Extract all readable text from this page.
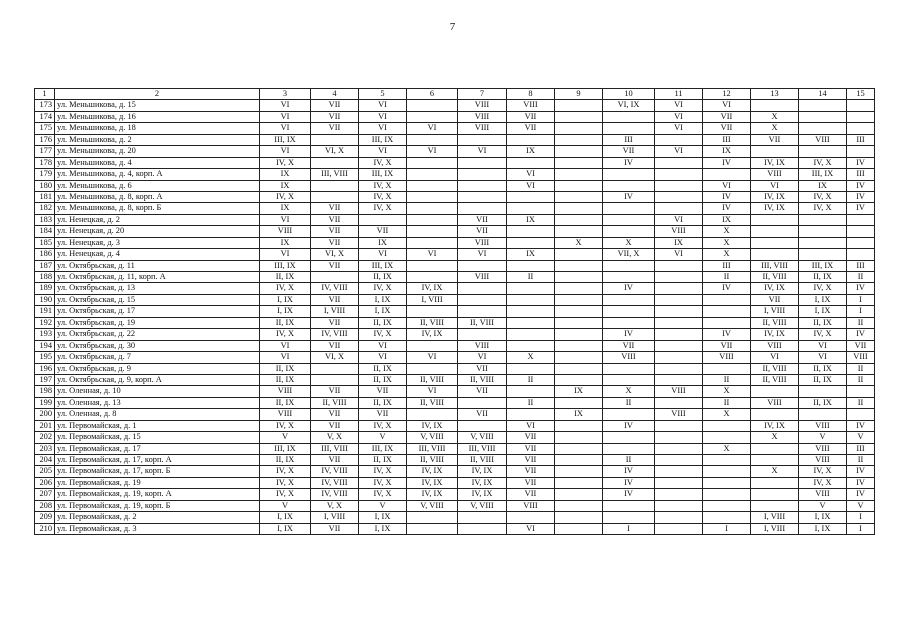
7
1	2	3	4	5	6	7	8	9	10	11	12	13	14	15
173	ул. Меньшикова, д. 15	VI	VII	VI		VIII	VIII		VI, IX	VI	VI			
174	ул. Меньшикова, д. 16	VI	VII	VI		VIII	VII			VI	VII	X		
175	ул. Меньшикова, д. 18	VI	VII	VI	VI	VIII	VII			VI	VII	X		
176	ул. Меньшикова, д. 2	III, IX		III, IX					III		III	VII	VIII	III
177	ул. Меньшикова, д. 20	VI	VI, X	VI	VI	VI	IX		VII	VI	IX			
178	ул. Меньшикова, д. 4	IV, X		IV, X					IV		IV	IV, IX	IV, X	IV
179	ул. Меньшикова, д. 4, корп. А	IX	III, VIII	III, IX			VI					VIII	III, IX	III
180	ул. Меньшикова, д. 6	IX		IV, X			VI				VI	VI	IX	IV
181	ул. Меньшикова, д. 8, корп. А	IV, X		IV, X					IV		IV	IV, IX	IV, X	IV
182	ул. Меньшикова, д. 8, корп. Б	IX	VII	IV, X							IV	IV, IX	IV, X	IV
183	ул. Ненецкая, д. 2	VI	VII			VII	IX			VI	IX			
184	ул. Ненецкая, д. 20	VIII	VII	VII		VII				VIII	X			
185	ул. Ненецкая, д. 3	IX	VII	IX		VIII		X	X	IX	X			
186	ул. Ненецкая, д. 4	VI	VI, X	VI	VI	VI	IX		VII, X	VI	X			
187	ул. Октябрьская, д. 11	III, IX	VII	III, IX							III	III, VIII	III, IX	III
188	ул. Октябрьская, д. 11, корп. А	II, IX		II, IX		VIII	II				II	II, VIII	II, IX	II
189	ул. Октябрьская, д. 13	IV, X	IV, VIII	IV, X	IV, IX				IV		IV	IV, IX	IV, X	IV
190	ул. Октябрьская, д. 15	I, IX	VII	I, IX	I, VIII							VII	I, IX	I
191	ул. Октябрьская, д. 17	I, IX	I, VIII	I, IX								I, VIII	I, IX	I
192	ул. Октябрьская, д. 19	II, IX	VII	II, IX	II, VIII	II, VIII						II, VIII	II, IX	II
193	ул. Октябрьская, д. 22	IV, X	IV, VIII	IV, X	IV, IX				IV		IV	IV, IX	IV, X	IV
194	ул. Октябрьская, д. 30	VI	VII	VI		VIII			VII		VII	VIII	VI	VII
195	ул. Октябрьская, д. 7	VI	VI, X	VI	VI	VI	X		VIII		VIII	VI	VI	VIII
196	ул. Октябрьская, д. 9	II, IX		II, IX		VII						II, VIII	II, IX	II
197	ул. Октябрьская, д. 9, корп. А	II, IX		II, IX	II, VIII	II, VIII	II				II	II, VIII	II, IX	II
198	ул. Оленная, д. 10	VIII	VII	VII	VI	VII		IX	X	VIII	X			
199	ул. Оленная, д. 13	II, IX	II, VIII	II, IX	II, VIII		II		II		II	VIII	II, IX	II
200	ул. Оленная, д. 8	VIII	VII	VII		VII		IX		VIII	X			
201	ул. Первомайская, д. 1	IV, X	VII	IV, X	IV, IX		VI		IV			IV, IX	VIII	IV
202	ул. Первомайская, д. 15	V	V, X	V	V, VIII	V, VIII	VII					X	V	V
203	ул. Первомайская, д. 17	III, IX	III, VIII	III, IX	III, VIII	III, VIII	VII				X		VIII	III
204	ул. Первомайская, д. 17, корп. А	II, IX	VII	II, IX	II, VIII	II, VIII	VII		II				VIII	II
205	ул. Первомайская, д. 17, корп. Б	IV, X	IV, VIII	IV, X	IV, IX	IV, IX	VII		IV			X	IV, X	IV
206	ул. Первомайская, д. 19	IV, X	IV, VIII	IV, X	IV, IX	IV, IX	VII		IV				IV, X	IV
207	ул. Первомайская, д. 19, корп. А	IV, X	IV, VIII	IV, X	IV, IX	IV, IX	VII		IV				VIII	IV
208	ул. Первомайская, д. 19, корп. Б	V	V, X	V	V, VIII	V, VIII	VIII						V	V
209	ул. Первомайская, д. 2	I, IX	I, VIII	I, IX								I, VIII	I, IX	I
210	ул. Первомайская, д. 3	I, IX	VII	I, IX			VI		I		I	I, VIII	I, IX	I
